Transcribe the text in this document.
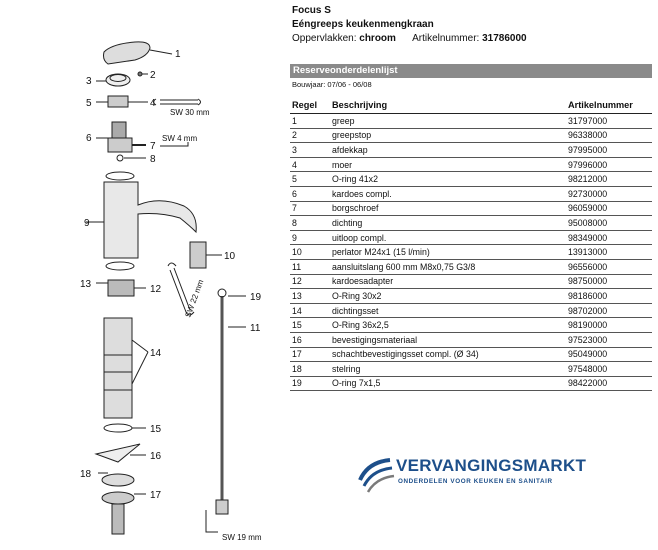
1
2
3
4
5
6
7
8
9
10
11
12
13
14
15
16
17
18
19
SW 30 mm
SW 4 mm
SW 22 mm
SW 19 mm
Focus S
Eéngreeps keukenmengkraan
Oppervlakken: chroom Artikelnummer: 31786000
Reserveonderdelenlijst
Bouwjaar: 07/06 - 06/08
Regel	Beschrijving	Artikelnummer
1	greep	31797000
2	greepstop	96338000
3	afdekkap	97995000
4	moer	97996000
5	O-ring 41x2	98212000
6	kardoes compl.	92730000
7	borgschroef	96059000
8	dichting	95008000
9	uitloop compl.	98349000
10	perlator M24x1 (15 l/min)	13913000
11	aansluitslang 600 mm M8x0,75 G3/8	96556000
12	kardoesadapter	98750000
13	O-Ring 30x2	98186000
14	dichtingsset	98702000
15	O-Ring 36x2,5	98190000
16	bevestigingsmateriaal	97523000
17	schachtbevestigingsset compl. (Ø 34)	95049000
18	stelring	97548000
19	O-ring 7x1,5	98422000
VERVANGINGSMARKT
ONDERDELEN VOOR KEUKEN EN SANITAIR
